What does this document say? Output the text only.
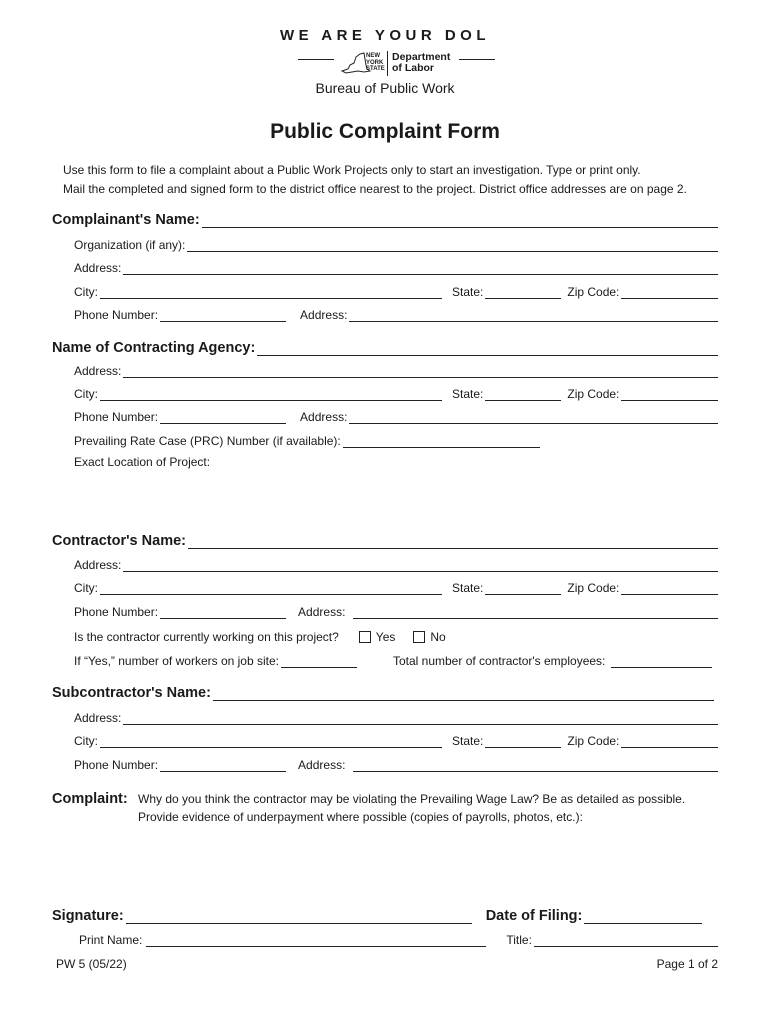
WE ARE YOUR DOL
NEW
YORK
STATE
Department
of Labor
Bureau of Public Work
Public Complaint Form
Use this form to file a complaint about a Public Work Projects only to start an investigation. Type or print only.
Mail the completed and signed form to the district office nearest to the project. District office addresses are on page 2.
Complainant's Name:
Organization (if any):
Address:
City:	State:	Zip Code:
Phone Number:	Address:
Name of Contracting Agency:
Address:
City:	State:	Zip Code:
Phone Number:	Address:
Prevailing Rate Case (PRC) Number (if available):
Exact Location of Project:
Contractor's Name:
Address:
City:	State:	Zip Code:
Phone Number:	Address:
Is the contractor currently working on this project?	Yes	No
If “Yes,” number of workers on job site:	Total number of contractor's employees:
Subcontractor's Name:
Address:
City:	State:	Zip Code:
Phone Number:	Address:
Complaint: Why do you think the contractor may be violating the Prevailing Wage Law? Be as detailed as possible.
Provide evidence of underpayment where possible (copies of payrolls, photos, etc.):
Signature:	Date of Filing:
Print Name:	Title:
PW 5 (05/22)	Page 1 of 2
